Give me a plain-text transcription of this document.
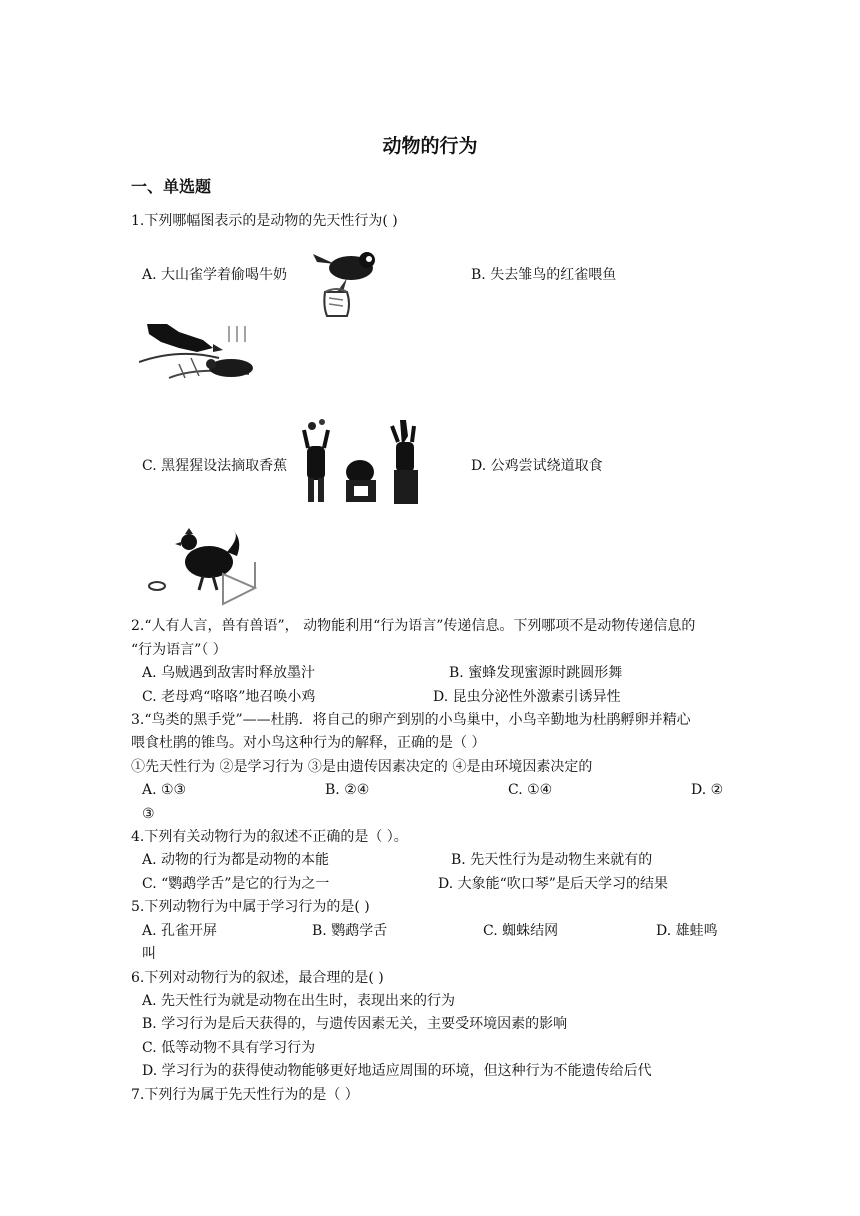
动物的行为
一、单选题
1.下列哪幅图表示的是动物的先天性行为( )
A. 大山雀学着偷喝牛奶	B. 失去雏鸟的红雀喂鱼
C. 黑猩猩设法摘取香蕉	D. 公鸡尝试绕道取食
2.“人有人言，兽有兽语”， 动物能利用“行为语言”传递信息。下列哪项不是动物传递信息的
“行为语言”（ ）
A. 乌贼遇到敌害时释放墨汁	B. 蜜蜂发现蜜源时跳圆形舞
C. 老母鸡“咯咯”地召唤小鸡	D. 昆虫分泌性外激素引诱异性
3.“鸟类的黑手党”——杜鹃．将自己的卵产到别的小鸟巢中，小鸟辛勤地为杜鹃孵卵并精心
喂食杜鹃的锥鸟。对小鸟这种行为的解释，正确的是（ ）
①先天性行为 ②是学习行为 ③是由遗传因素决定的 ④是由环境因素决定的
A. ①③	B. ②④	C. ①④	D. ②
③
4.下列有关动物行为的叙述不正确的是（ ）。
A. 动物的行为都是动物的本能	B. 先天性行为是动物生来就有的
C. “鹦鹉学舌”是它的行为之一	D. 大象能“吹口琴”是后天学习的结果
5.下列动物行为中属于学习行为的是( )
A. 孔雀开屏	B. 鹦鹉学舌	C. 蜘蛛结网	D. 雄蛙鸣
叫
6.下列对动物行为的叙述，最合理的是( )
A. 先天性行为就是动物在出生时，表现出来的行为
B. 学习行为是后天获得的，与遗传因素无关，主要受环境因素的影响
C. 低等动物不具有学习行为
D. 学习行为的获得使动物能够更好地适应周围的环境，但这种行为不能遗传给后代
7.下列行为属于先天性行为的是（ ）
